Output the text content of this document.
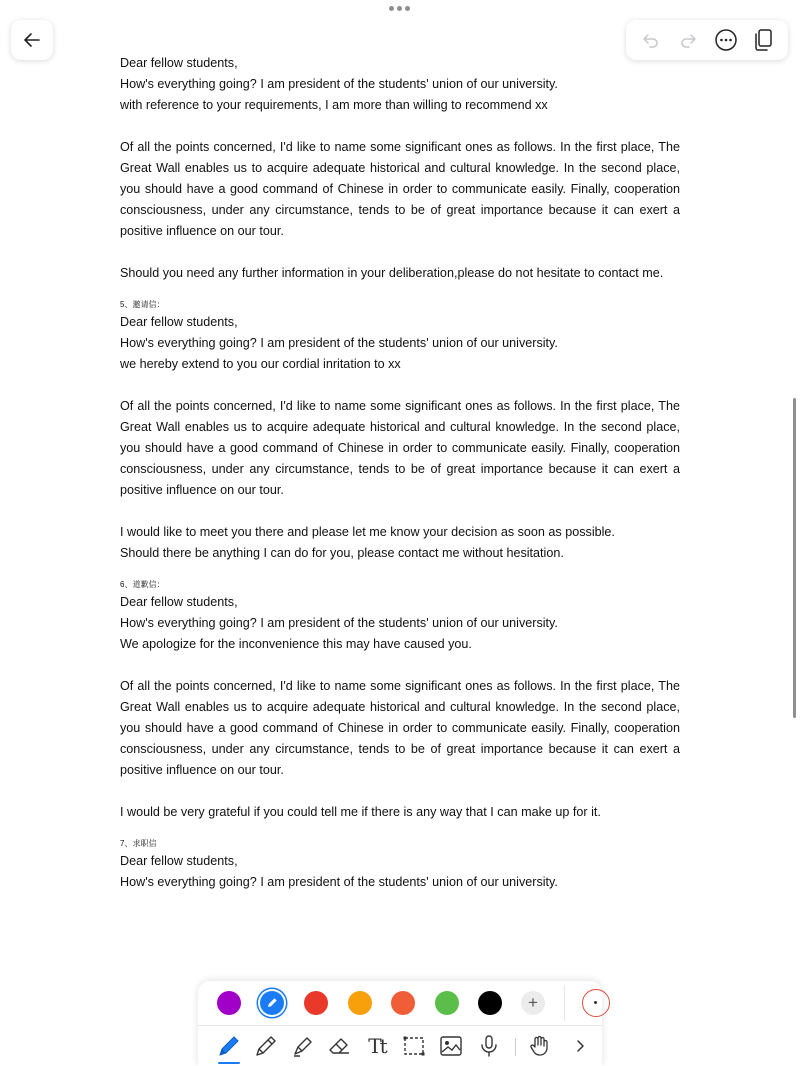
Dear fellow students,

How's everything going? I am president of the students' union of our university.

with reference to your requirements, I am more than willing to recommend xx

Of all the points concerned, I'd like to name some significant ones as follows. In the first place, The Great Wall enables us to acquire adequate historical and cultural knowledge. In the second place, you should have a good command of Chinese in order to communicate easily. Finally, cooperation consciousness, under any circumstance, tends to be of great importance because it can exert a positive influence on our tour.

Should you need any further information in your deliberation,please do not hesitate to contact me.

5、邀请信：

Dear fellow students,

How's everything going? I am president of the students' union of our university.

we hereby extend to you our cordial inritation to xx

Of all the points concerned, I'd like to name some significant ones as follows. In the first place, The Great Wall enables us to acquire adequate historical and cultural knowledge. In the second place, you should have a good command of Chinese in order to communicate easily. Finally, cooperation consciousness, under any circumstance, tends to be of great importance because it can exert a positive influence on our tour.

I would like to meet you there and please let me know your decision as soon as possible.

Should there be anything I can do for you, please contact me without hesitation.

6、道歉信：

Dear fellow students,

How's everything going? I am president of the students' union of our university.

We apologize for the inconvenience this may have caused you.

Of all the points concerned, I'd like to name some significant ones as follows. In the first place, The Great Wall enables us to acquire adequate historical and cultural knowledge. In the second place, you should have a good command of Chinese in order to communicate easily. Finally, cooperation consciousness, under any circumstance, tends to be of great importance because it can exert a positive influence on our tour.

I would be very grateful if you could tell me if there is any way that I can make up for it.

7、求职信

Dear fellow students,

How's everything going? I am president of the students' union of our university.

+
Tt
